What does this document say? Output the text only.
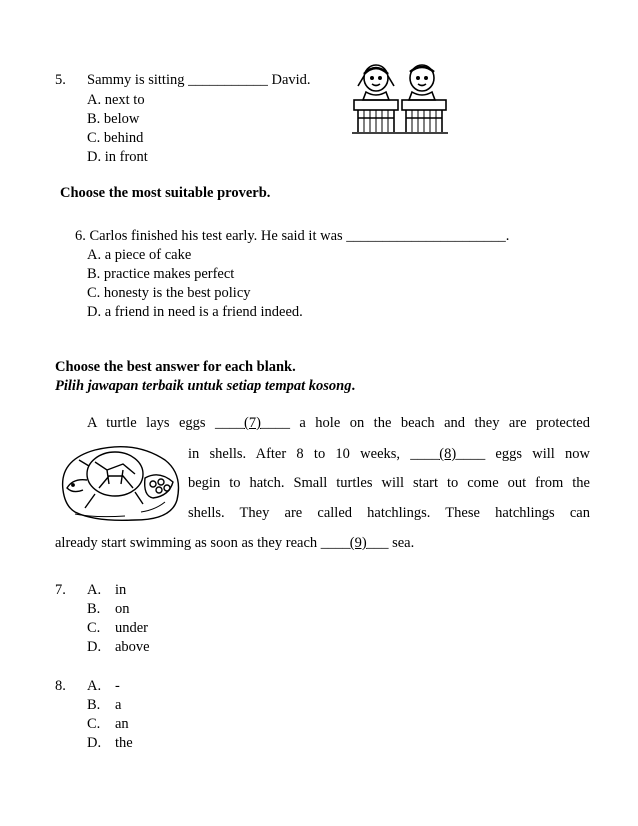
5. Sammy is sitting ___________ David.
A. next to
B. below
C. behind
D. in front
Choose the most suitable proverb.
6. Carlos finished his test early. He said it was ______________________.
A. a piece of cake
B. practice makes perfect
C. honesty is the best policy
D. a friend in need is a friend indeed.
Choose the best answer for each blank.
Pilih jawapan terbaik untuk setiap tempat kosong.
A turtle lays eggs ____(7)____ a hole on the beach and they are protected
in shells. After 8 to 10 weeks, ____(8)____ eggs will now
begin to hatch. Small turtles will start to come out from the
shells. They are called hatchlings. These hatchlings can
already start swimming as soon as they reach ____(9)___ sea.
7. A. in
B. on
C. under
D. above
8. A. -
B. a
C. an
D. the
